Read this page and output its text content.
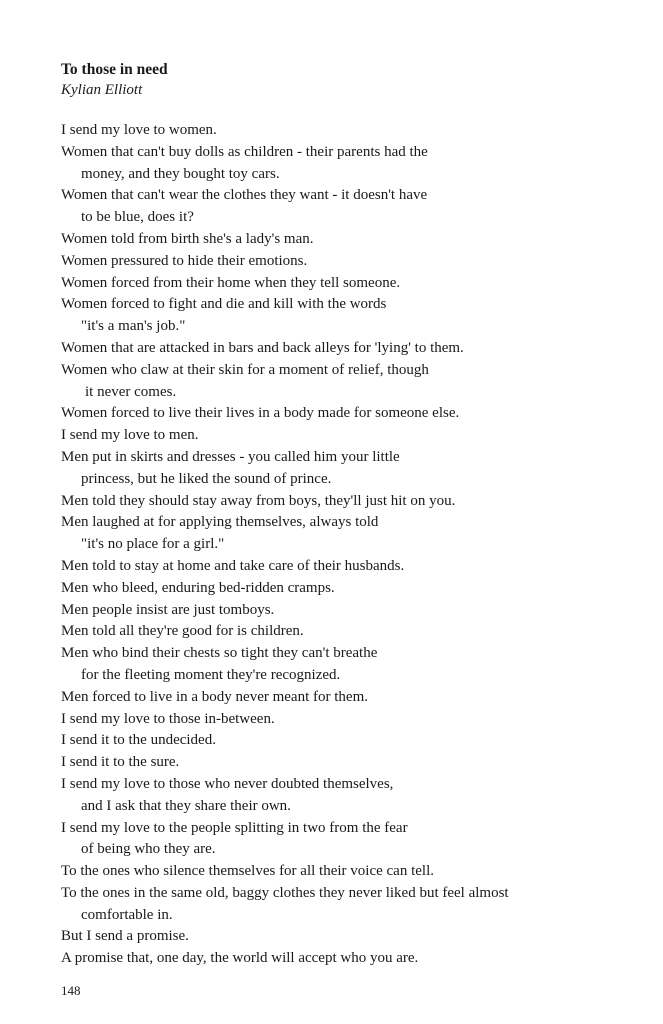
To those in need
Kylian Elliott
I send my love to women.
Women that can't buy dolls as children - their parents had the
money, and they bought toy cars.
Women that can't wear the clothes they want - it doesn't have
to be blue, does it?
Women told from birth she's a lady's man.
Women pressured to hide their emotions.
Women forced from their home when they tell someone.
Women forced to fight and die and kill with the words
"it's a man's job."
Women that are attacked in bars and back alleys for 'lying' to them.
Women who claw at their skin for a moment of relief, though
it never comes.
Women forced to live their lives in a body made for someone else.
I send my love to men.
Men put in skirts and dresses - you called him your little
princess, but he liked the sound of prince.
Men told they should stay away from boys, they'll just hit on you.
Men laughed at for applying themselves, always told
"it's no place for a girl."
Men told to stay at home and take care of their husbands.
Men who bleed, enduring bed-ridden cramps.
Men people insist are just tomboys.
Men told all they're good for is children.
Men who bind their chests so tight they can't breathe
for the fleeting moment they're recognized.
Men forced to live in a body never meant for them.
I send my love to those in-between.
I send it to the undecided.
I send it to the sure.
I send my love to those who never doubted themselves,
and I ask that they share their own.
I send my love to the people splitting in two from the fear
of being who they are.
To the ones who silence themselves for all their voice can tell.
To the ones in the same old, baggy clothes they never liked but feel almost
comfortable in.
But I send a promise.
A promise that, one day, the world will accept who you are.
148
